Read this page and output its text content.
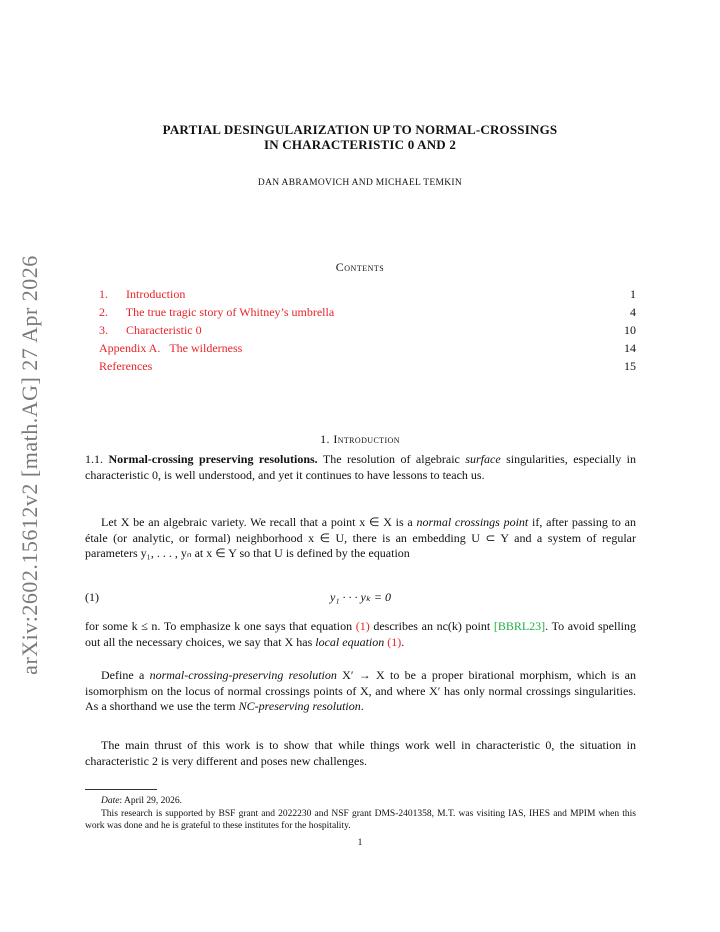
arXiv:2602.15612v2 [math.AG] 27 Apr 2026
PARTIAL DESINGULARIZATION UP TO NORMAL-CROSSINGS
IN CHARACTERISTIC 0 AND 2
DAN ABRAMOVICH AND MICHAEL TEMKIN
Contents
1. Introduction	1
2. The true tragic story of Whitney’s umbrella	4
3. Characteristic 0	10
Appendix A. The wilderness	14
References	15
1. Introduction

1.1. Normal-crossing preserving resolutions. The resolution of algebraic surface singularities, especially in characteristic 0, is well understood, and yet it continues to have lessons to teach us.

Let X be an algebraic variety. We recall that a point x ∈ X is a normal crossings point if, after passing to an étale (or analytic, or formal) neighborhood x ∈ U, there is an embedding U ⊂ Y and a system of regular parameters y₁, . . . , yₙ at x ∈ Y so that U is defined by the equation

(1)	y₁ · · · yₖ = 0

for some k ≤ n. To emphasize k one says that equation (1) describes an nc(k) point [BBRL23]. To avoid spelling out all the necessary choices, we say that X has local equation (1).

Define a normal-crossing-preserving resolution X′ → X to be a proper birational morphism, which is an isomorphism on the locus of normal crossings points of X, and where X′ has only normal crossings singularities. As a shorthand we use the term NC-preserving resolution.

The main thrust of this work is to show that while things work well in characteristic 0, the situation in characteristic 2 is very different and poses new challenges.

Date: April 29, 2026.

This research is supported by BSF grant and 2022230 and NSF grant DMS-2401358, M.T. was visiting IAS, IHES and MPIM when this work was done and he is grateful to these institutes for the hospitality.

1
